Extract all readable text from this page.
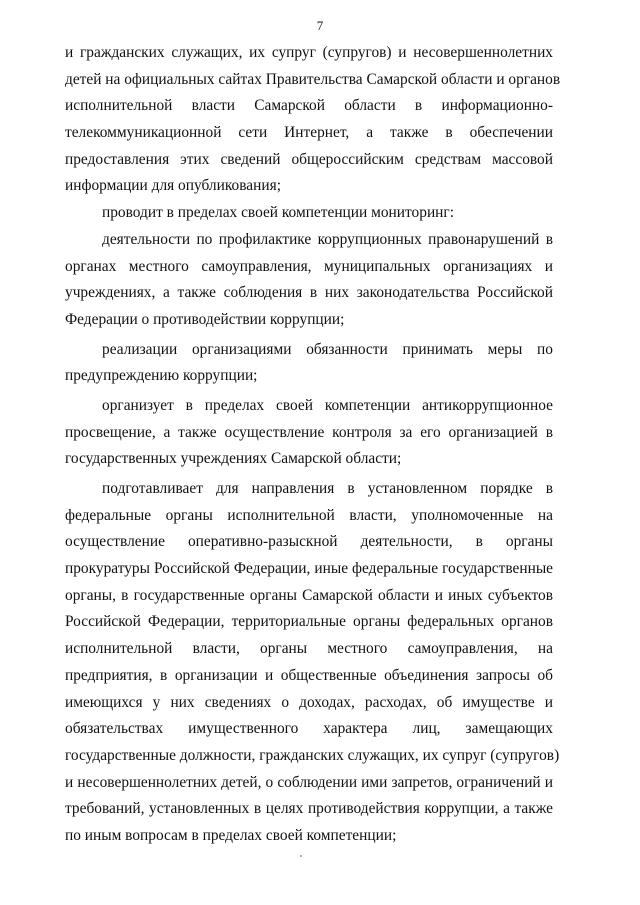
7
и гражданских служащих, их супруг (супругов) и несовершеннолетних
детей на официальных сайтах Правительства Самарской области и органов
исполнительной власти Самарской области в информационно-
телекоммуникационной сети Интернет, а также в обеспечении
предоставления этих сведений общероссийским средствам массовой
информации для опубликования;
проводит в пределах своей компетенции мониторинг:
деятельности по профилактике коррупционных правонарушений в
органах местного самоуправления, муниципальных организациях и
учреждениях, а также соблюдения в них законодательства Российской
Федерации о противодействии коррупции;
реализации организациями обязанности принимать меры по
предупреждению коррупции;
организует в пределах своей компетенции антикоррупционное
просвещение, а также осуществление контроля за его организацией в
государственных учреждениях Самарской области;
подготавливает для направления в установленном порядке в
федеральные органы исполнительной власти, уполномоченные на
осуществление оперативно-разыскной деятельности, в органы
прокуратуры Российской Федерации, иные федеральные государственные
органы, в государственные органы Самарской области и иных субъектов
Российской Федерации, территориальные органы федеральных органов
исполнительной власти, органы местного самоуправления, на
предприятия, в организации и общественные объединения запросы об
имеющихся у них сведениях о доходах, расходах, об имуществе и
обязательствах имущественного характера лиц, замещающих
государственные должности, гражданских служащих, их супруг (супругов)
и несовершеннолетних детей, о соблюдении ими запретов, ограничений и
требований, установленных в целях противодействия коррупции, а также
по иным вопросам в пределах своей компетенции;
